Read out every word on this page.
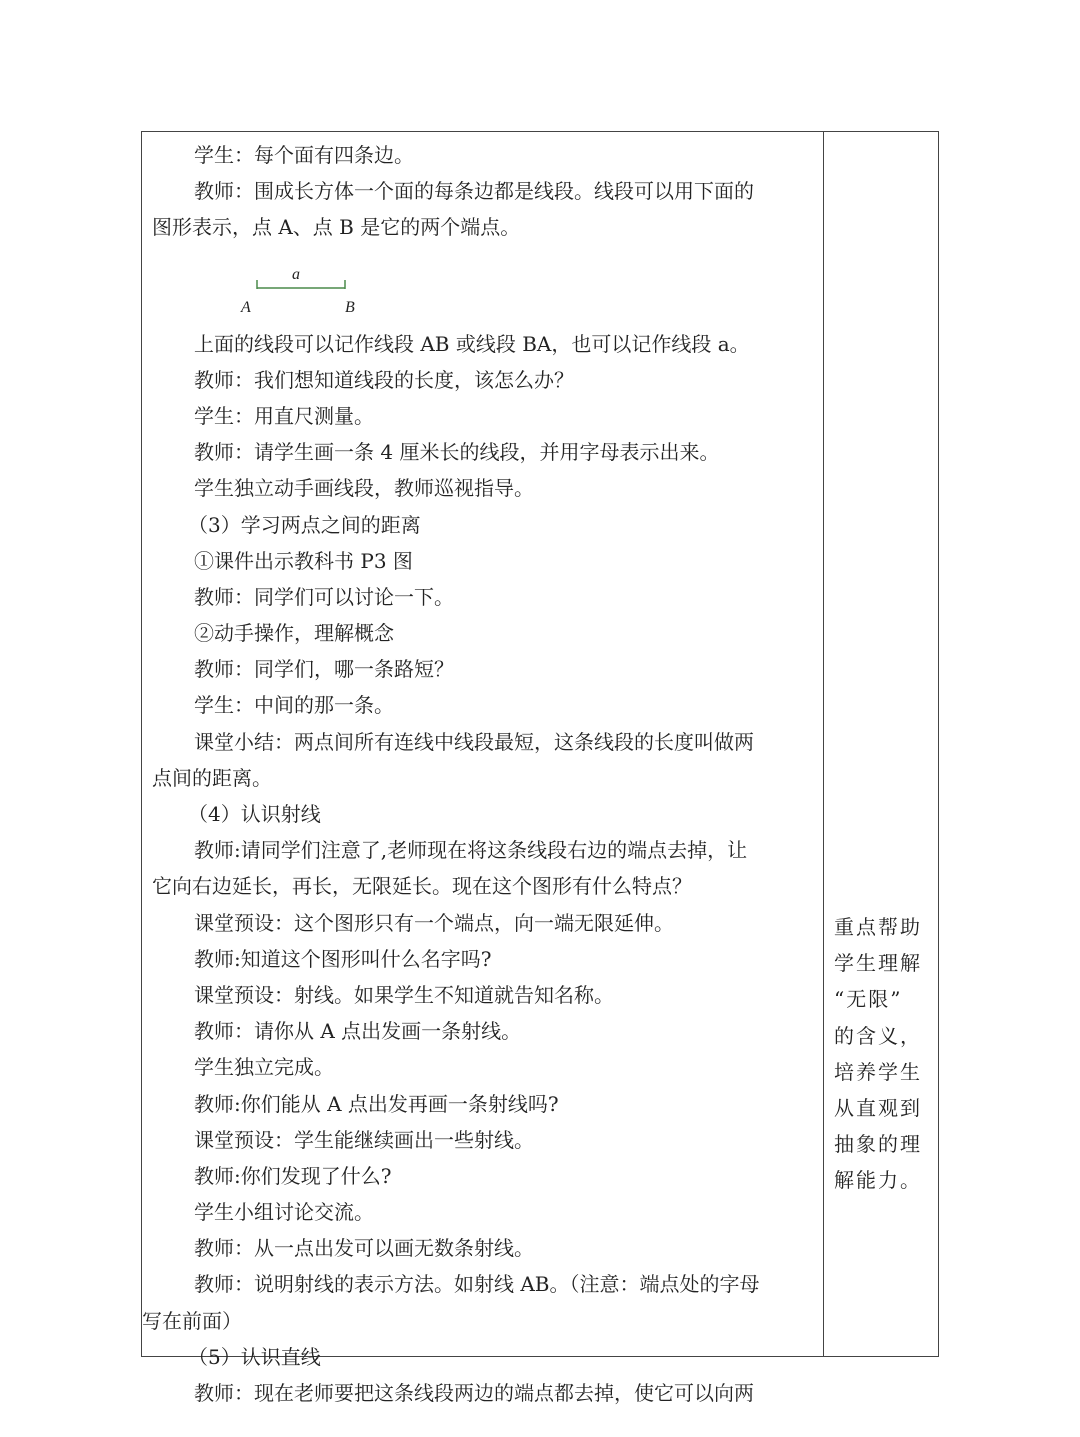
学生：每个面有四条边。
教师：围成长方体一个面的每条边都是线段。线段可以用下面的
图形表示，点 A、点 B 是它的两个端点。
a
A	B
上面的线段可以记作线段 AB 或线段 BA，也可以记作线段 a。
教师：我们想知道线段的长度，该怎么办？
学生：用直尺测量。
教师：请学生画一条 4 厘米长的线段，并用字母表示出来。
学生独立动手画线段，教师巡视指导。
（3）学习两点之间的距离
①课件出示教科书 P3 图
教师：同学们可以讨论一下。
②动手操作，理解概念
教师：同学们，哪一条路短？
学生：中间的那一条。
课堂小结：两点间所有连线中线段最短，这条线段的长度叫做两
点间的距离。
（4）认识射线
教师:请同学们注意了,老师现在将这条线段右边的端点去掉，让
它向右边延长，再长，无限延长。现在这个图形有什么特点？
课堂预设：这个图形只有一个端点，向一端无限延伸。
教师:知道这个图形叫什么名字吗?
课堂预设：射线。如果学生不知道就告知名称。
教师：请你从 A 点出发画一条射线。
学生独立完成。
教师:你们能从 A 点出发再画一条射线吗?
课堂预设：学生能继续画出一些射线。
教师:你们发现了什么?
学生小组讨论交流。
教师：从一点出发可以画无数条射线。
教师：说明射线的表示方法。如射线 AB。（注意：端点处的字母
写在前面）
（5）认识直线
教师：现在老师要把这条线段两边的端点都去掉，使它可以向两
重点帮助
学生理解
“无限”
的含义，
培养学生
从直观到
抽象的理
解能力。
